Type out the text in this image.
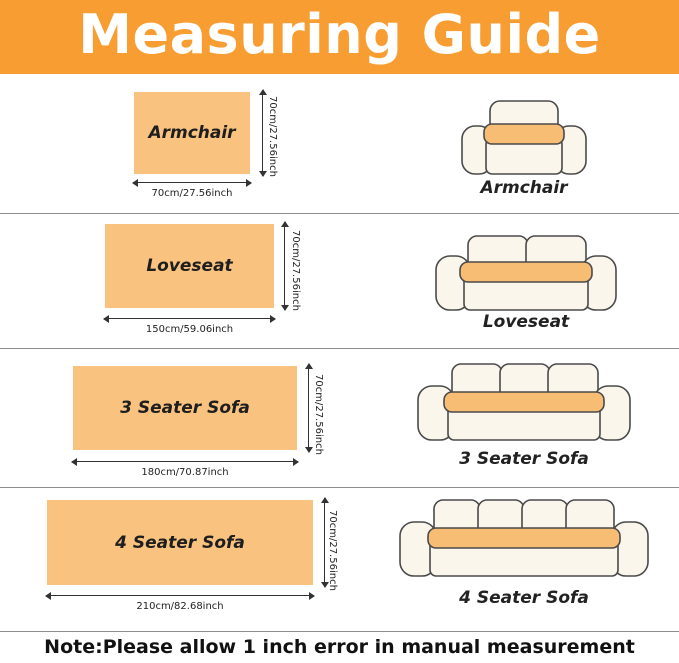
Measuring Guide
Armchair	70cm/27.56inch
70cm/27.56inch	Armchair
Loveseat	70cm/27.56inch
150cm/59.06inch	Loveseat
3 Seater Sofa	70cm/27.56inch
180cm/70.87inch
3 Seater Sofa
4 Seater Sofa	70cm/27.56inch
210cm/82.68inch	4 Seater Sofa
Note:Please allow 1 inch error in manual measurement
